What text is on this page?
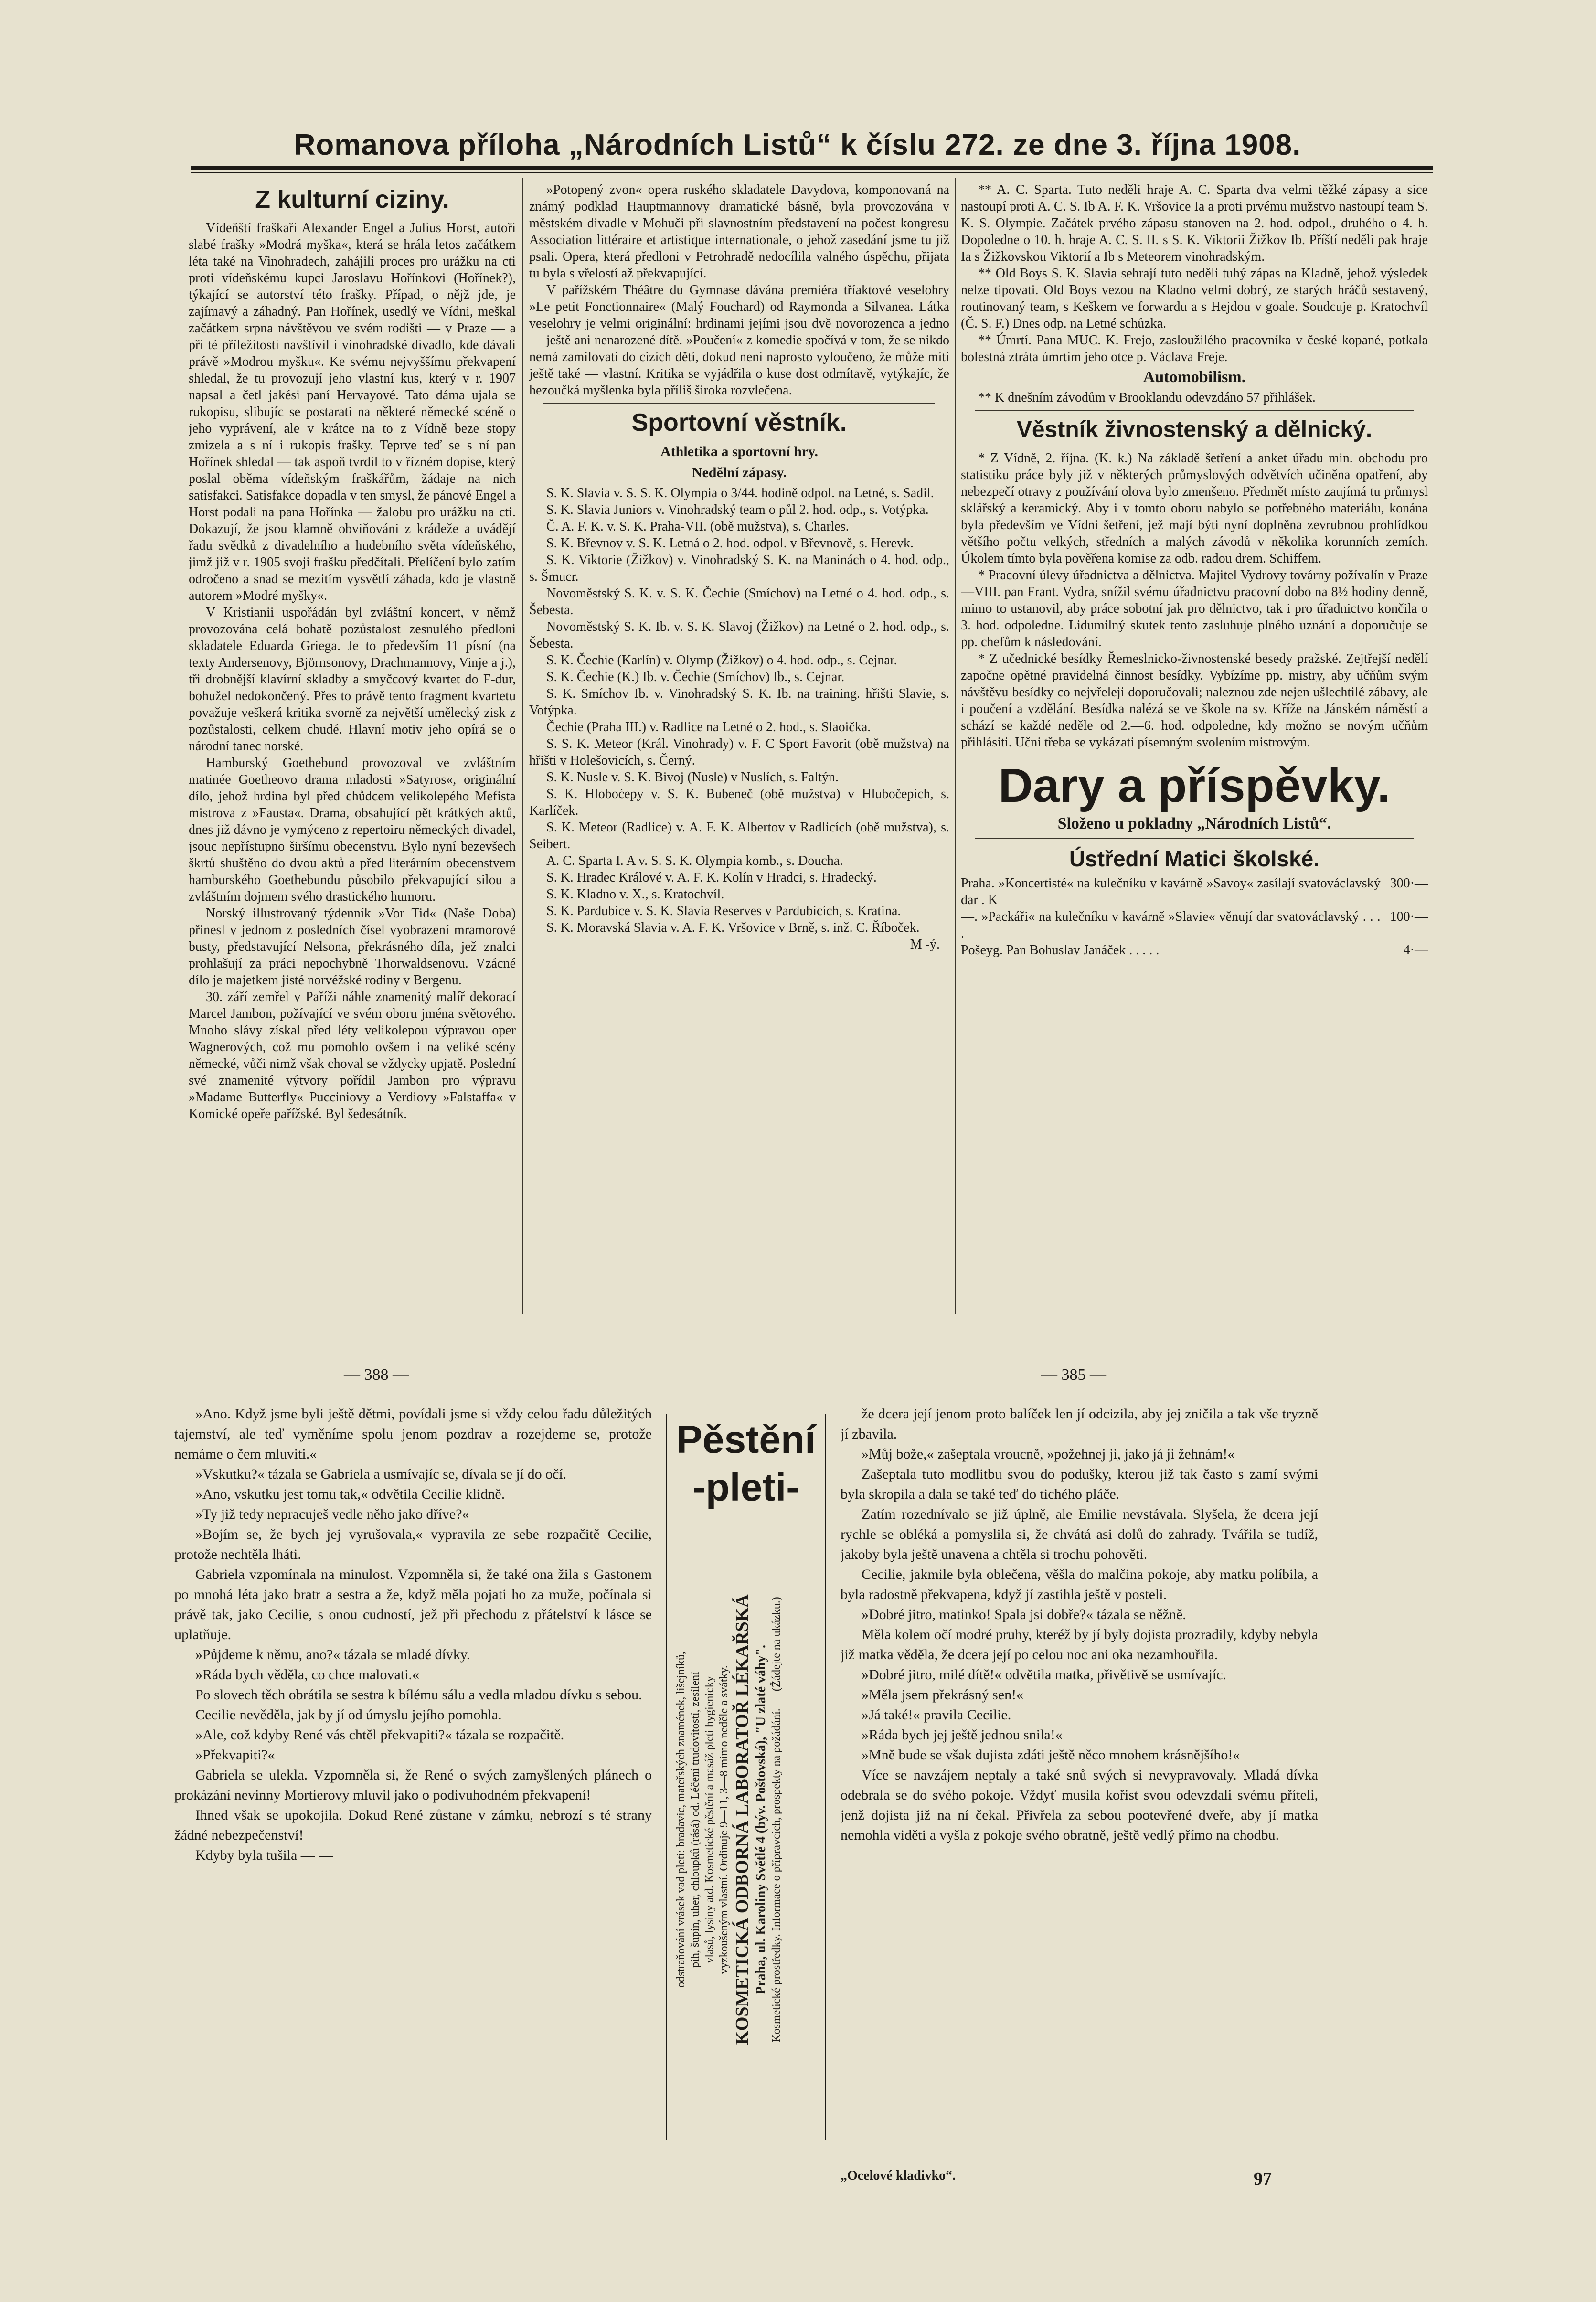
Romanova příloha „Národních Listů“ k číslu 272. ze dne 3. října 1908.
Z kulturní ciziny.

Vídeňští fraškaři Alexander Engel a Julius Horst, autoři slabé frašky »Modrá myška«, která se hrála letos začátkem léta také na Vinohradech, zahájili proces pro urážku na cti proti vídeňskému kupci Jaroslavu Hořínkovi (Hořínek?), týkající se autorství této frašky. Případ, o nějž jde, je zajímavý a záhadný. Pan Hořínek, usedlý ve Vídni, meškal začátkem srpna návštěvou ve svém rodišti — v Praze — a při té příležitosti navštívil i vinohradské divadlo, kde dávali právě »Modrou myšku«. Ke svému nejvyššímu překvapení shledal, že tu provozují jeho vlastní kus, který v r. 1907 napsal a četl jakési paní Hervayové. Tato dáma ujala se rukopisu, slibujíc se postarati na některé německé scéně o jeho vyprávení, ale v krátce na to z Vídně beze stopy zmizela a s ní i rukopis frašky. Teprve teď se s ní pan Hořínek shledal — tak aspoň tvrdil to v řízném dopise, který poslal oběma vídeňským fraškářům, žádaje na nich satisfakci. Satisfakce dopadla v ten smysl, že pánové Engel a Horst podali na pana Hořínka — žalobu pro urážku na cti. Dokazují, že jsou klamně obviňováni z krádeže a uvádějí řadu svědků z divadelního a hudebního světa vídeňského, jimž již v r. 1905 svoji frašku předčítali. Přelíčení bylo zatím odročeno a snad se mezitím vysvětlí záhada, kdo je vlastně autorem »Modré myšky«.

V Kristianii uspořádán byl zvláštní koncert, v němž provozována celá bohatě pozůstalost zesnulého předloni skladatele Eduarda Griega. Je to především 11 písní (na texty Andersenovy, Björnsonovy, Drachmannovy, Vinje a j.), tři drobnější klavírní skladby a smyčcový kvartet do F-dur, bohužel nedokončený. Přes to právě tento fragment kvartetu považuje veškerá kritika svorně za největší umělecký zisk z pozůstalosti, celkem chudé. Hlavní motiv jeho opírá se o národní tanec norské.

Hamburský Goethebund provozoval ve zvláštním matinée Goetheovo drama mladosti »Satyros«, originální dílo, jehož hrdina byl před chůdcem velikolepého Mefista mistrova z »Fausta«. Drama, obsahující pět krátkých aktů, dnes již dávno je vymýceno z repertoiru německých divadel, jsouc nepřístupno širšímu obecenstvu. Bylo nyní bezevšech škrtů shuštěno do dvou aktů a před literárním obecenstvem hamburského Goethebundu působilo překvapující silou a zvláštním dojmem svého drastického humoru.

Norský illustrovaný týdenník »Vor Tid« (Naše Doba) přinesl v jednom z posledních čísel vyobrazení mramorové busty, představující Nelsona, překrásného díla, jež znalci prohlašují za práci nepochybně Thorwaldsenovu. Vzácné dílo je majetkem jisté norvéžské rodiny v Bergenu.

30. září zemřel v Paříži náhle znamenitý malíř dekorací Marcel Jambon, požívající ve svém oboru jména světového. Mnoho slávy získal před léty velikolepou výpravou oper Wagnerových, což mu pomohlo ovšem i na veliké scény německé, vůči nimž však choval se vždycky upjatě. Poslední své znamenité výtvory pořídil Jambon pro výpravu »Madame Butterfly« Pucciniovy a Verdiovy »Falstaffa« v Komické opeře pařížské. Byl šedesátník.

»Potopený zvon« opera ruského skladatele Davydova, komponovaná na známý podklad Hauptmannovy dramatické básně, byla provozována v městském divadle v Mohuči při slavnostním představení na počest kongresu Association littéraire et artistique internationale, o jehož zasedání jsme tu již psali. Opera, která předloni v Petrohradě nedocílila valného úspěchu, přijata tu byla s vřelostí až překvapující.

V pařížském Théâtre du Gymnase dávána premiéra tříaktové veselohry »Le petit Fonctionnaire« (Malý Fouchard) od Raymonda a Silvanea. Látka veselohry je velmi originální: hrdinami jejími jsou dvě novorozenca a jedno — ještě ani nenarozené dítě. »Poučení« z komedie spočívá v tom, že se nikdo nemá zamilovati do cizích dětí, dokud není naprosto vyloučeno, že může míti ještě také — vlastní. Kritika se vyjádřila o kuse dost odmítavě, vytýkajíc, že hezoučká myšlenka byla příliš široka rozvlečena.

Sportovní věstník.
Athletika a sportovní hry.
Nedělní zápasy.

S. K. Slavia v. S. S. K. Olympia o 3/44. hodině odpol. na Letné, s. Sadil.

S. K. Slavia Juniors v. Vinohradský team o půl 2. hod. odp., s. Votýpka.

Č. A. F. K. v. S. K. Praha-VII. (obě mužstva), s. Charles.

S. K. Břevnov v. S. K. Letná o 2. hod. odpol. v Břevnově, s. Herevk.

S. K. Viktorie (Žižkov) v. Vinohradský S. K. na Maninách o 4. hod. odp., s. Šmucr.

Novoměstský S. K. v. S. K. Čechie (Smíchov) na Letné o 4. hod. odp., s. Šebesta.

Novoměstský S. K. Ib. v. S. K. Slavoj (Žižkov) na Letné o 2. hod. odp., s. Šebesta.

S. K. Čechie (Karlín) v. Olymp (Žižkov) o 4. hod. odp., s. Cejnar.

S. K. Čechie (K.) Ib. v. Čechie (Smíchov) Ib., s. Cejnar.

S. K. Smíchov Ib. v. Vinohradský S. K. Ib. na training. hřišti Slavie, s. Votýpka.

Čechie (Praha III.) v. Radlice na Letné o 2. hod., s. Slaoička.

S. S. K. Meteor (Král. Vinohrady) v. F. C Sport Favorit (obě mužstva) na hřišti v Holešovicích, s. Černý.

S. K. Nusle v. S. K. Bivoj (Nusle) v Nuslích, s. Faltýn.

S. K. Hloboćepy v. S. K. Bubeneč (obě mužstva) v Hlubočepích, s. Karlíček.

S. K. Meteor (Radlice) v. A. F. K. Albertov v Radlicích (obě mužstva), s. Seibert.

A. C. Sparta I. A v. S. S. K. Olympia komb., s. Doucha.

S. K. Hradec Králové v. A. F. K. Kolín v Hradci, s. Hradecký.

S. K. Kladno v. X., s. Kratochvíl.

S. K. Pardubice v. S. K. Slavia Reserves v Pardubicích, s. Kratina.

S. K. Moravská Slavia v. A. F. K. Vršovice v Brně, s. inž. C. Říboček.

M -ý.

** A. C. Sparta. Tuto neděli hraje A. C. Sparta dva velmi těžké zápasy a sice nastoupí proti A. C. S. Ib A. F. K. Vršovice Ia a proti prvému mužstvo nastoupí team S. K. S. Olympie. Začátek prvého zápasu stanoven na 2. hod. odpol., druhého o 4. h. Dopoledne o 10. h. hraje A. C. S. II. s S. K. Viktorii Žižkov Ib. Příští neděli pak hraje Ia s Žižkovskou Viktorií a Ib s Meteorem vinohradským.

** Old Boys S. K. Slavia sehrají tuto neděli tuhý zápas na Kladně, jehož výsledek nelze tipovati. Old Boys vezou na Kladno velmi dobrý, ze starých hráčů sestavený, routinovaný team, s Keškem ve forwardu a s Hejdou v goale. Soudcuje p. Kratochvíl (Č. S. F.) Dnes odp. na Letné schůzka.

** Úmrtí. Pana MUC. K. Frejo, zasloužilého pracovníka v české kopané, potkala bolestná ztráta úmrtím jeho otce p. Václava Freje.

Automobilism.

** K dnešním závodům v Brooklandu odevzdáno 57 přihlášek.

Věstník živnostenský a dělnický.

* Z Vídně, 2. října. (K. k.) Na základě šetření a anket úřadu min. obchodu pro statistiku práce byly již v některých průmyslových odvětvích učiněna opatření, aby nebezpečí otravy z používání olova bylo zmenšeno. Předmět místo zaujímá tu průmysl sklářský a keramický. Aby i v tomto oboru nabylo se potřebného materiálu, konána byla především ve Vídni šetření, jež mají býti nyní doplněna zevrubnou prohlídkou většího počtu velkých, středních a malých závodů v několika korunních zemích. Úkolem tímto byla pověřena komise za odb. radou drem. Schiffem.

* Pracovní úlevy úřadnictva a dělnictva. Majitel Vydrovy továrny požívalín v Praze—VIII. pan Frant. Vydra, snížil svému úřadnictvu pracovní dobo na 8½ hodiny denně, mimo to ustanovil, aby práce sobotní jak pro dělnictvo, tak i pro úřadnictvo končila o 3. hod. odpoledne. Lidumilný skutek tento zasluhuje plného uznání a doporučuje se pp. chefům k následování.

* Z učednické besídky Řemeslnicko-živnostenské besedy pražské. Zejtřejší nedělí započne opětné pravidelná činnost besídky. Vybízíme pp. mistry, aby učňům svým návštěvu besídky co nejvřeleji doporučovali; naleznou zde nejen ušlechtilé zábavy, ale i poučení a vzdělání. Besídka nalézá se ve škole na sv. Kříže na Jánském náměstí a schází se každé neděle od 2.—6. hod. odpoledne, kdy možno se novým učňům přihlásiti. Učni třeba se vykázati písemným svolením mistrovým.

Dary a příspěvky.
Složeno u pokladny „Národních Listů“.
Ústřední Matici školské.
Praha. »Koncertisté« na kulečníku v kavárně »Savoy« zasílají svatováclavský dar . K
300·—
—. »Packáři« na kulečníku v kavárně »Slavie« věnují dar svatováclavský . . . .
100·—
Pošeyg. Pan Bohuslav Janáček . . . . .	4·—
— 388 —	— 385 —

»Ano. Když jsme byli ještě dětmi, povídali jsme si vždy celou řadu důležitých tajemství, ale teď vyměníme spolu jenom pozdrav a rozejdeme se, protože nemáme o čem mluviti.«

»Vskutku?« tázala se Gabriela a usmívajíc se, dívala se jí do očí.

»Ano, vskutku jest tomu tak,« odvětila Cecilie klidně.

»Ty již tedy nepracuješ vedle něho jako dříve?«

»Bojím se, že bych jej vyrušovala,« vypravila ze sebe rozpačitě Cecilie, protože nechtěla lháti.

Gabriela vzpomínala na minulost. Vzpomněla si, že také ona žila s Gastonem po mnohá léta jako bratr a sestra a že, když měla pojati ho za muže, počínala si právě tak, jako Cecilie, s onou cudností, jež při přechodu z přátelství k lásce se uplatňuje.

»Půjdeme k němu, ano?« tázala se mladé dívky.

»Ráda bych věděla, co chce malovati.«

Po slovech těch obrátila se sestra k bílému sálu a vedla mladou dívku s sebou.

Cecilie nevěděla, jak by jí od úmyslu jejího pomohla.

»Ale, což kdyby René vás chtěl překvapiti?« tázala se rozpačitě.

»Překvapiti?«

Gabriela se ulekla. Vzpomněla si, že René o svých zamyšlených plánech o prokázání nevinny Mortierovy mluvil jako o podivuhodném překvapení!

Ihned však se upokojila. Dokud René zůstane v zámku, nebrozí s té strany žádné nebezpečenství!

Kdyby byla tušila — —

Pěstění
-pleti-
odstraňování vrásek vad pleti: bradavic, mateřských znamének, lišejníků, pih, šupin, uher, chloupků (rásá) od. Léčení trudovitostí, zesílení vlasů, lysiny atd. Kosmetické pěstění a masáž pleti hygienicky vyzkoušeným vlastní. Ordinuje 9—11, 3—8 mimo neděle a svátky. KOSMETICKÁ ODBORNÁ LABORATOŘ LÉKAŘSKÁ Praha, ul. Karoliny Světlé 4 (býv. Poštovská), "U zlaté váhy". Kosmetické prostředky. Informace o přípravcích, prospekty na požádání. — (Žádejte na ukázku.)

že dcera její jenom proto balíček len jí odcizila, aby jej zničila a tak vše tryzně jí zbavila.

»Můj bože,« zašeptala vroucně, »požehnej ji, jako já ji žehnám!«

Zašeptala tuto modlitbu svou do podušky, kterou již tak často s zamí svými byla skropila a dala se také teď do tichého pláče.

Zatím rozednívalo se již úplně, ale Emilie nevstávala. Slyšela, že dcera její rychle se obléká a pomyslila si, že chvátá asi dolů do zahrady. Tvářila se tudíž, jakoby byla ještě unavena a chtěla si trochu pohověti.

Cecilie, jakmile byla oblečena, věšla do malčina pokoje, aby matku políbila, a byla radostně překvapena, když jí zastihla ještě v posteli.

»Dobré jitro, matinko! Spala jsi dobře?« tázala se něžně.

Měla kolem očí modré pruhy, kteréž by jí byly dojista prozradily, kdyby nebyla již matka věděla, že dcera její po celou noc ani oka nezamhouřila.

»Dobré jitro, milé dítě!« odvětila matka, přivětivě se usmívajíc.

»Měla jsem překrásný sen!«

»Já také!« pravila Cecilie.

»Ráda bych jej ještě jednou snila!«

»Mně bude se však dujista zdáti ještě něco mnohem krásnějšího!«

Více se navzájem neptaly a také snů svých si nevypravovaly. Mladá dívka odebrala se do svého pokoje. Vždyť musila kořist svou odevzdali svému příteli, jenž dojista již na ní čekal. Přivřela za sebou pootevřené dveře, aby jí matka nemohla viděti a vyšla z pokoje svého obratně, ještě vedlý přímo na chodbu.

„Ocelové kladivko“.	97
